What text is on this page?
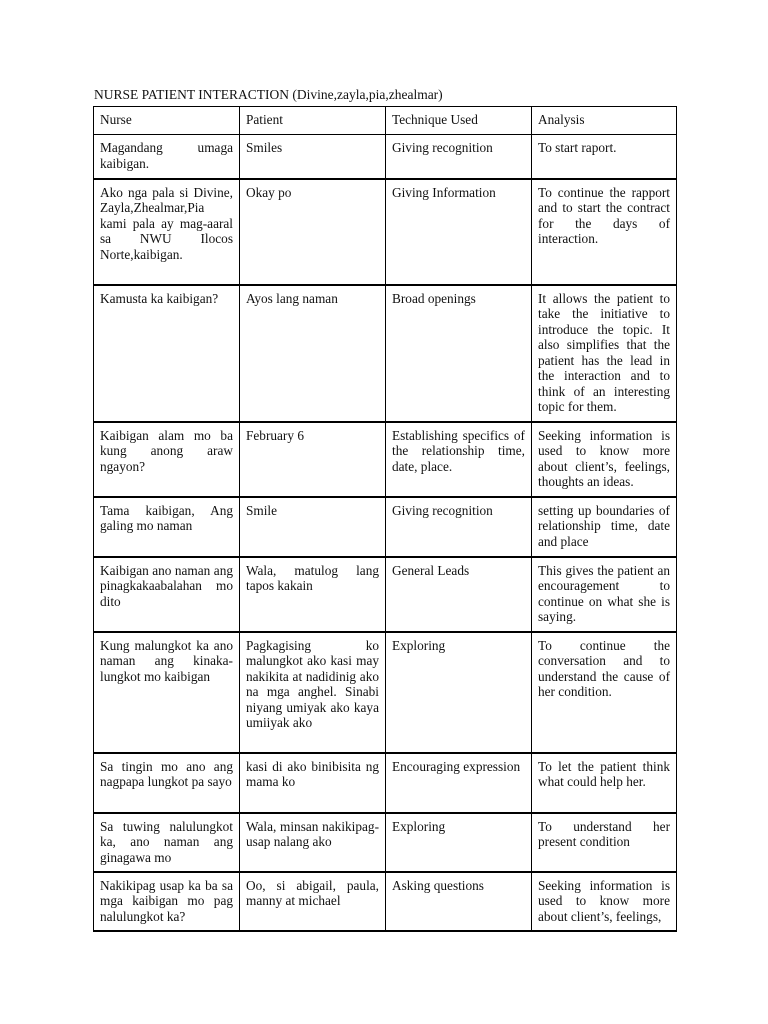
NURSE PATIENT INTERACTION (Divine,zayla,pia,zhealmar)
Nurse	Patient	Technique Used	Analysis
Magandang umaga kaibigan.	Smiles	Giving recognition	To start raport.
Ako nga pala si Divine, Zayla,Zhealmar,Pia kami pala ay mag-aaral sa NWU Ilocos Norte,kaibigan.	Okay po	Giving Information	To continue the rapport and to start the contract for the days of interaction.
Kamusta ka kaibigan?	Ayos lang naman	Broad openings	It allows the patient to take the initiative to introduce the topic. It also simplifies that the patient has the lead in the interaction and to think of an interesting topic for them.
Kaibigan alam mo ba kung anong araw ngayon?	February 6	Establishing specifics of the relationship time, date, place.	Seeking information is used to know more about client’s, feelings, thoughts an ideas.
Tama kaibigan, Ang galing mo naman	Smile	Giving recognition	setting up boundaries of relationship time, date and place
Kaibigan ano naman ang pinagkakaabalahan mo dito	Wala, matulog lang tapos kakain	General Leads	This gives the patient an encouragement to continue on what she is saying.
Kung malungkot ka ano naman ang kinaka-lungkot mo kaibigan	Pagkagising ko malungkot ako kasi may nakikita at nadidinig ako na mga anghel. Sinabi niyang umiyak ako kaya umiiyak ako	Exploring	To continue the conversation and to understand the cause of her condition.
Sa tingin mo ano ang nagpapa lungkot pa sayo	kasi di ako binibisita ng mama ko	Encouraging expression	To let the patient think what could help her.
Sa tuwing nalulungkot ka, ano naman ang ginagawa mo	Wala, minsan nakikipag-usap nalang ako	Exploring	To understand her present condition
Nakikipag usap ka ba sa mga kaibigan mo pag nalulungkot ka?	Oo, si abigail, paula, manny at michael	Asking questions	Seeking information is used to know more about client’s, feelings,
